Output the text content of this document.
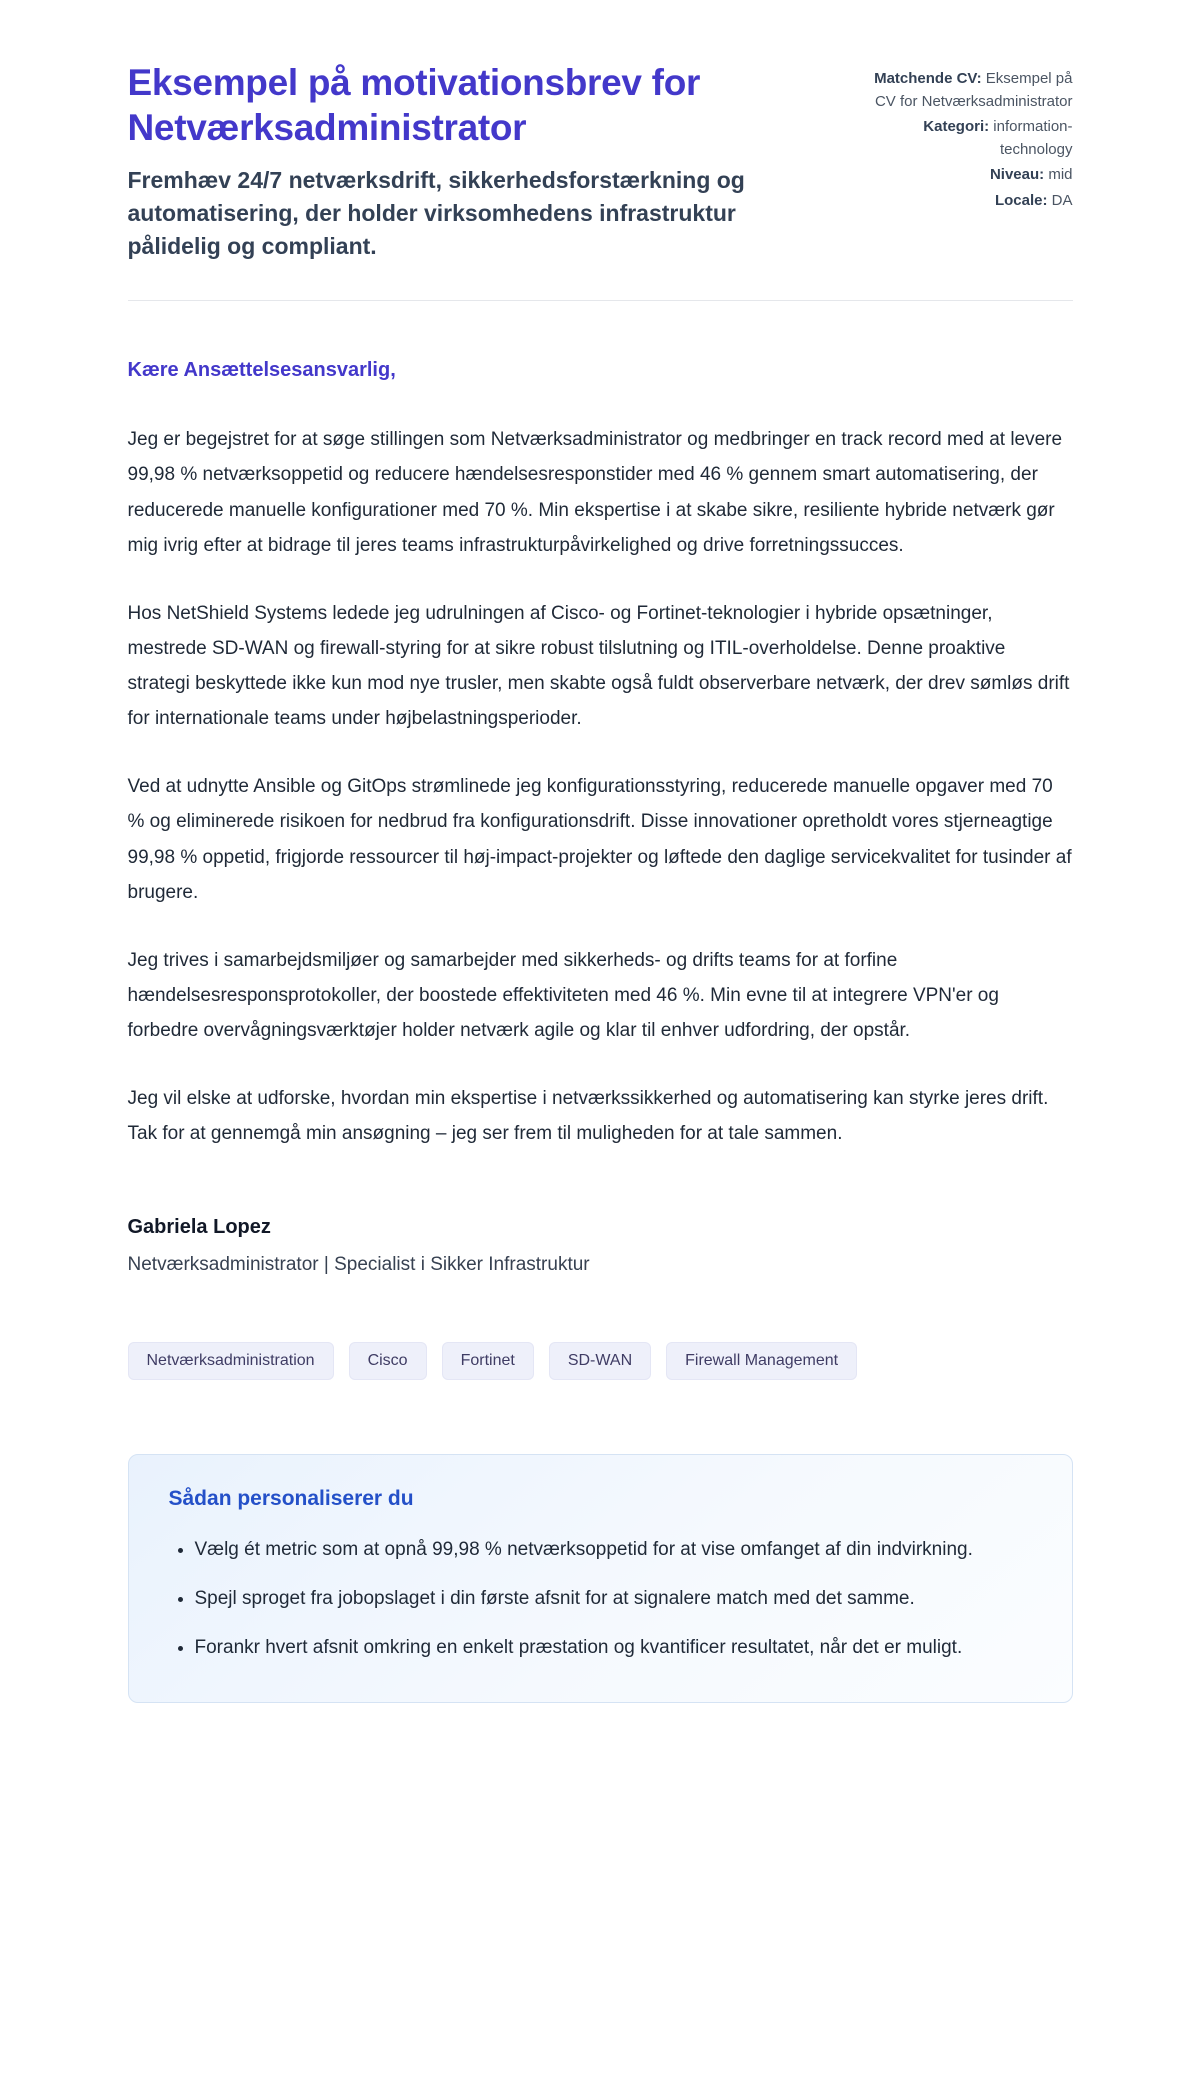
Eksempel på motivationsbrev for Netværksadministrator

Fremhæv 24/7 netværksdrift, sikkerhedsforstærkning og automatisering, der holder virksomhedens infrastruktur pålidelig og compliant.

Matchende CV: Eksempel på CV for Netværksadministrator
Kategori: information-technology
Niveau: mid
Locale: DA

Kære Ansættelsesansvarlig,

Jeg er begejstret for at søge stillingen som Netværksadministrator og medbringer en track record med at levere 99,98 % netværksoppetid og reducere hændelsesresponstider med 46 % gennem smart automatisering, der reducerede manuelle konfigurationer med 70 %. Min ekspertise i at skabe sikre, resiliente hybride netværk gør mig ivrig efter at bidrage til jeres teams infrastrukturpåvirkelighed og drive forretningssucces.

Hos NetShield Systems ledede jeg udrulningen af Cisco- og Fortinet-teknologier i hybride opsætninger, mestrede SD-WAN og firewall-styring for at sikre robust tilslutning og ITIL-overholdelse. Denne proaktive strategi beskyttede ikke kun mod nye trusler, men skabte også fuldt observerbare netværk, der drev sømløs drift for internationale teams under højbelastningsperioder.

Ved at udnytte Ansible og GitOps strømlinede jeg konfigurationsstyring, reducerede manuelle opgaver med 70 % og eliminerede risikoen for nedbrud fra konfigurationsdrift. Disse innovationer opretholdt vores stjerneagtige 99,98 % oppetid, frigjorde ressourcer til høj-impact-projekter og løftede den daglige servicekvalitet for tusinder af brugere.

Jeg trives i samarbejdsmiljøer og samarbejder med sikkerheds- og drifts teams for at forfine hændelsesresponsprotokoller, der boostede effektiviteten med 46 %. Min evne til at integrere VPN'er og forbedre overvågningsværktøjer holder netværk agile og klar til enhver udfordring, der opstår.

Jeg vil elske at udforske, hvordan min ekspertise i netværkssikkerhed og automatisering kan styrke jeres drift. Tak for at gennemgå min ansøgning – jeg ser frem til muligheden for at tale sammen.

Gabriela Lopez

Netværksadministrator | Specialist i Sikker Infrastruktur

Netværksadministration	Cisco	Fortinet	SD-WAN	Firewall Management
Sådan personaliserer du
• Vælg ét metric som at opnå 99,98 % netværksoppetid for at vise omfanget af din indvirkning.
• Spejl sproget fra jobopslaget i din første afsnit for at signalere match med det samme.
• Forankr hvert afsnit omkring en enkelt præstation og kvantificer resultatet, når det er muligt.
